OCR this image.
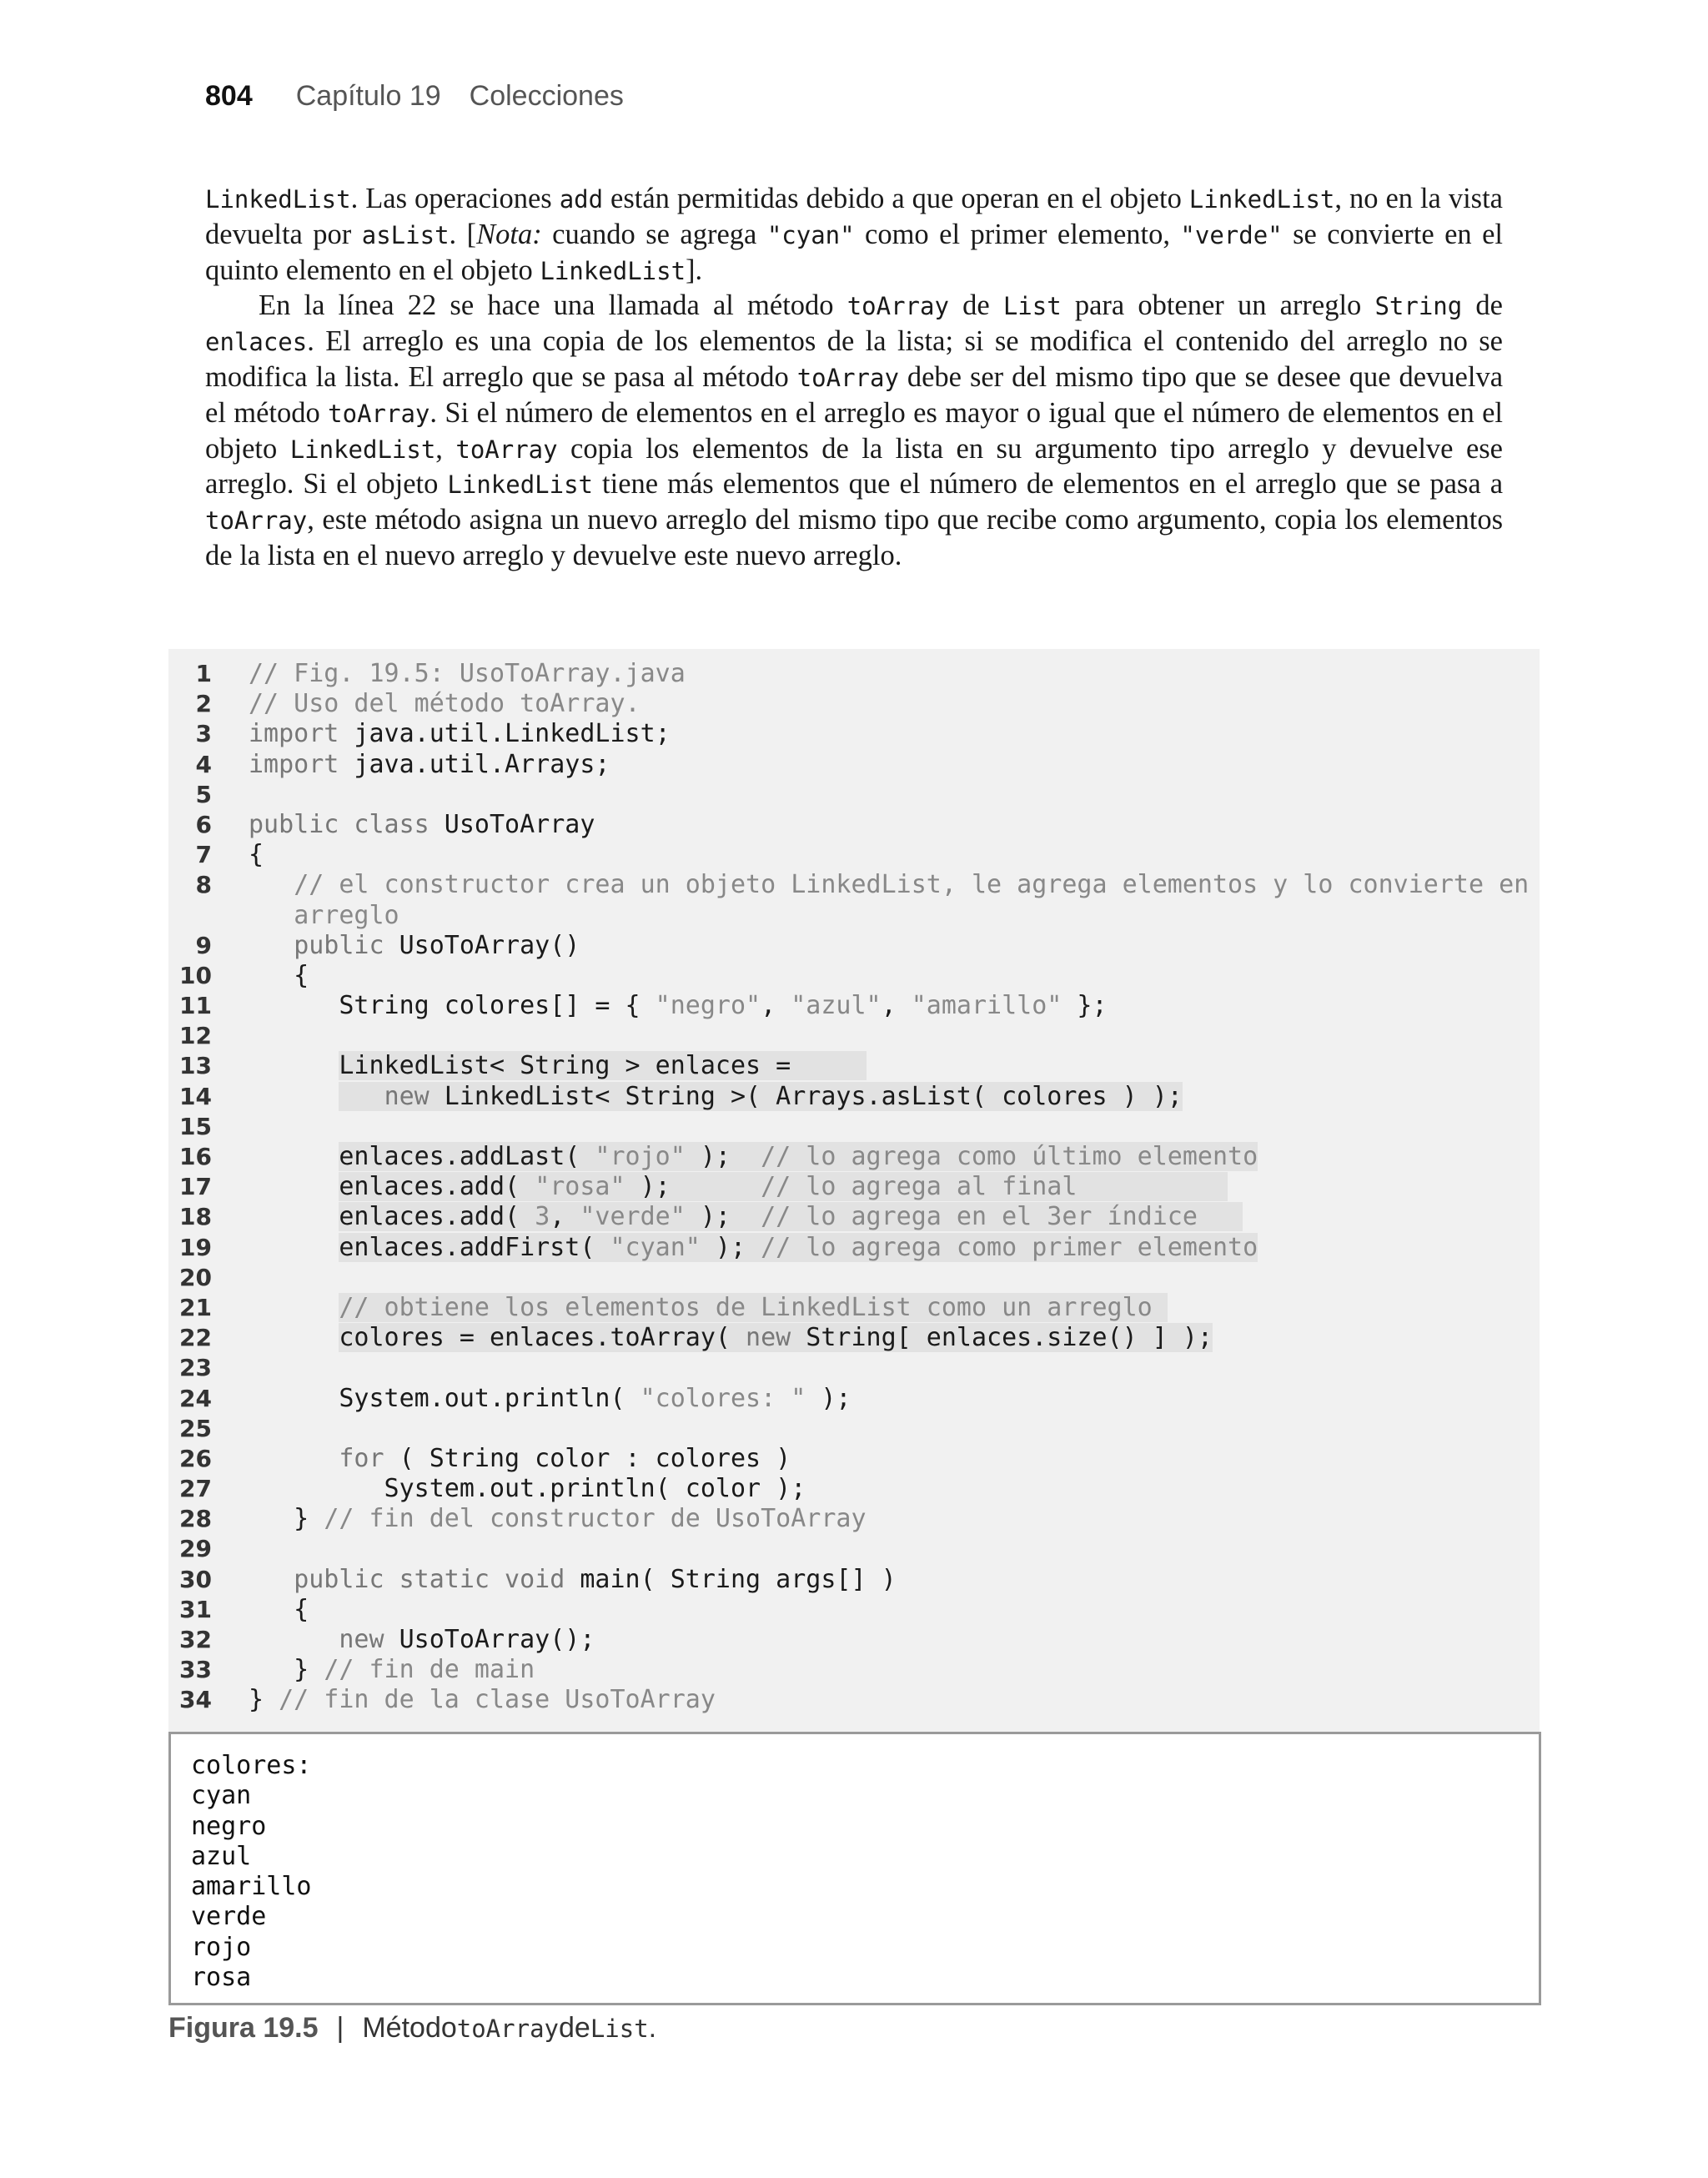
804 Capítulo 19 Colecciones

LinkedList. Las operaciones add están permitidas debido a que operan en el objeto LinkedList, no en la vista devuelta por asList. [Nota: cuando se agrega "cyan" como el primer elemento, "verde" se convierte en el quinto elemento en el objeto LinkedList].

En la línea 22 se hace una llamada al método toArray de List para obtener un arreglo String de enlaces. El arreglo es una copia de los elementos de la lista; si se modifica el contenido del arreglo no se modifica la lista. El arreglo que se pasa al método toArray debe ser del mismo tipo que se desee que devuelva el método toArray. Si el número de elementos en el arreglo es mayor o igual que el número de elementos en el objeto LinkedList, toArray copia los elementos de la lista en su argumento tipo arreglo y devuelve ese arreglo. Si el objeto LinkedList tiene más elementos que el número de elementos en el arreglo que se pasa a toArray, este método asigna un nuevo arreglo del mismo tipo que recibe como argumento, copia los elementos de la lista en el nuevo arreglo y devuelve este nuevo arreglo.

1 // Fig. 19.5: UsoToArray.java
2 // Uso del método toArray.
3 import java.util.LinkedList;
4 import java.util.Arrays;
5
6 public class UsoToArray
7 {
8	// el constructor crea un objeto LinkedList, le agrega elementos y lo convierte en
arreglo
9	public UsoToArray()
10 {
11 String colores[] = { "negro", "azul", "amarillo" };
12
13	LinkedList< String > enlaces =
14	new LinkedList< String >( Arrays.asList( colores ) );
15
16	enlaces.addLast( "rojo" );  // lo agrega como último elemento
17	enlaces.add( "rosa" );      // lo agrega al final
18	enlaces.add( 3, "verde" );  // lo agrega en el 3er índice
19	enlaces.addFirst( "cyan" ); // lo agrega como primer elemento
20
21	// obtiene los elementos de LinkedList como un arreglo
22	colores = enlaces.toArray( new String[ enlaces.size() ] );
23
24 System.out.println( "colores: " );
25
26	for ( String color : colores )
27 System.out.println( color );
28 } // fin del constructor de UsoToArray
29
30	public static void main( String args[] )
31 {
32	new UsoToArray();
33 } // fin de main
34 } // fin de la clase UsoToArray
colores:
cyan
negro
azul
amarillo
verde
rojo
rosa
Figura 19.5 | Método toArray de List .
